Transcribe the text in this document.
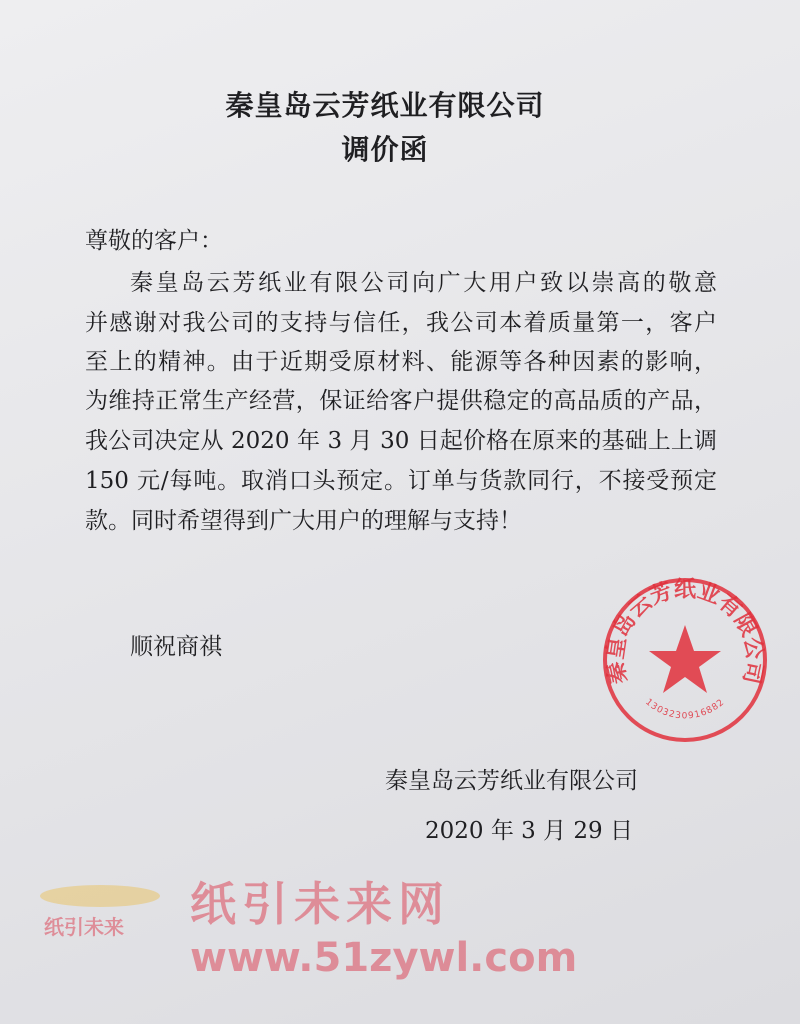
秦皇岛云芳纸业有限公司
调价函
尊敬的客户：
秦皇岛云芳纸业有限公司向广大用户致以崇高的敬意
并感谢对我公司的支持与信任，我公司本着质量第一，客户
至上的精神。由于近期受原材料、能源等各种因素的影响，
为维持正常生产经营，保证给客户提供稳定的高品质的产品，
我公司决定从 2020 年 3 月 30 日起价格在原来的基础上上调
150 元/每吨。取消口头预定。订单与货款同行，不接受预定
款。同时希望得到广大用户的理解与支持！
顺祝商祺
秦皇岛云芳纸业有限公司
2020 年 3 月 29 日
纸引未来 纸引未来网
www.51zywl.com
秦皇岛云芳纸业有限公司
1303230916882
